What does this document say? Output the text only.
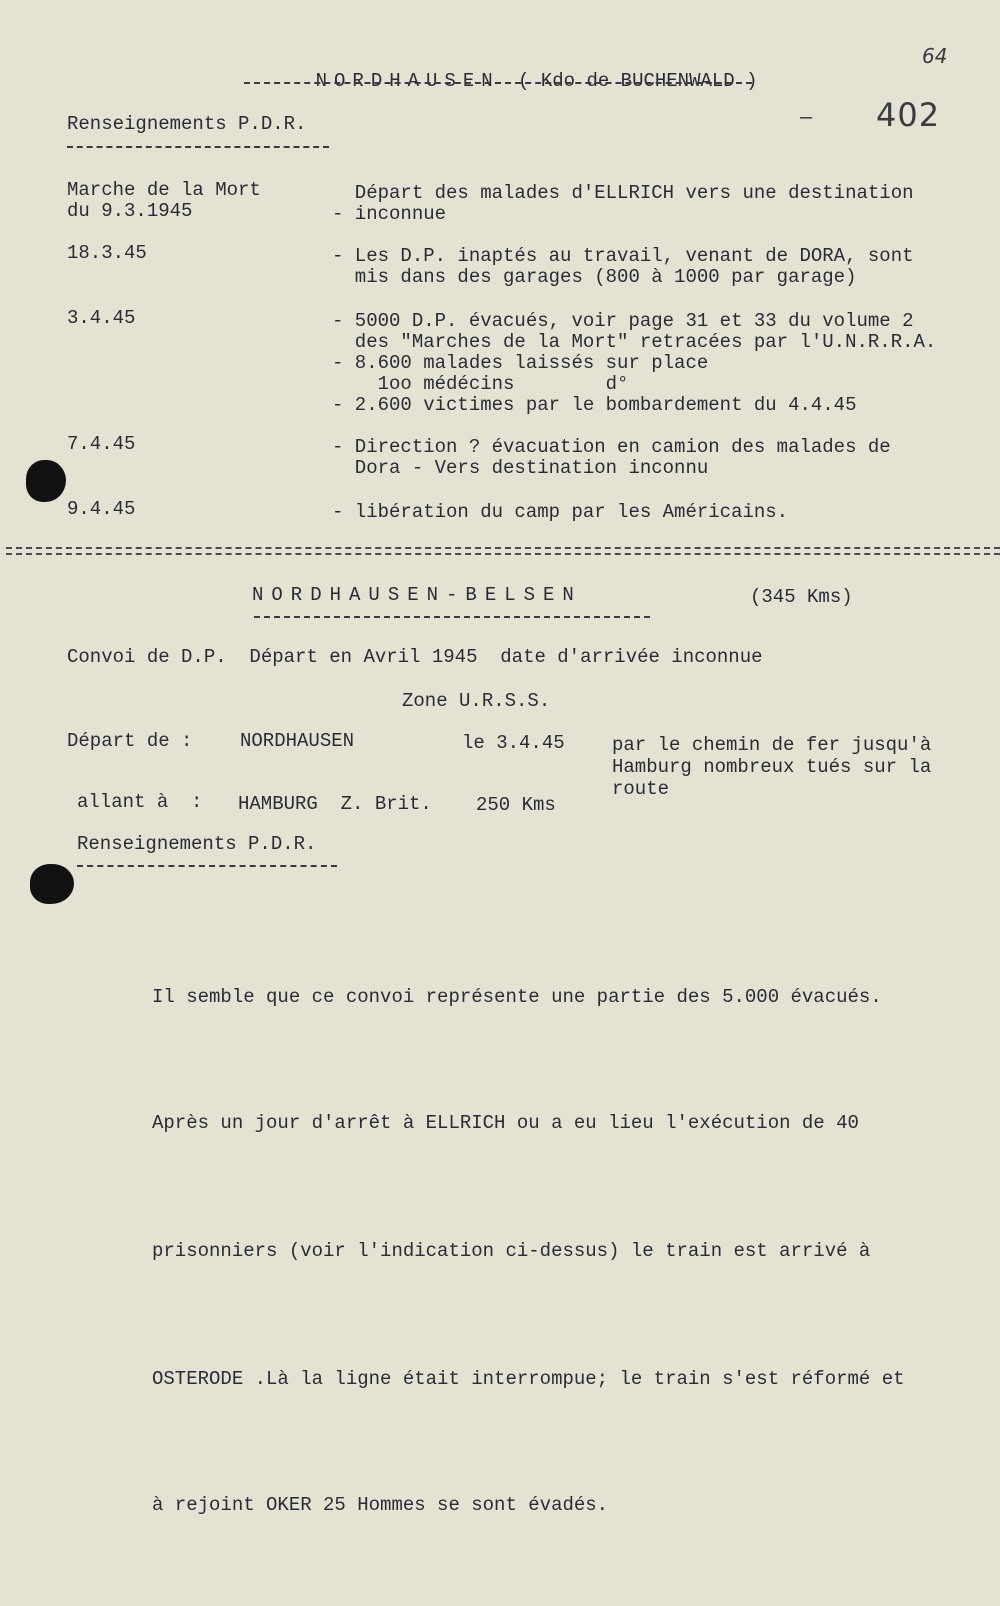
NORDHAUSEN ( Kdo de BUCHENWALD )

64
— 402
Renseignements P.D.R.
Marche de la Mort
du 9.3.1945
Départ des malades d'ELLRICH vers une destination
- inconnue
18.3.45	- Les D.P. inaptés au travail, venant de DORA, sont
mis dans des garages (800 à 1000 par garage)
3.4.45	- 5000 D.P. évacués, voir page 31 et 33 du volume 2
des "Marches de la Mort" retracées par l'U.N.R.R.A.
- 8.600 malades laissés sur place
1oo médécins        d°
- 2.600 victimes par le bombardement du 4.4.45
7.4.45	- Direction ? évacuation en camion des malades de
Dora - Vers destination inconnu
9.4.45	- libération du camp par les Américains.
NORDHAUSEN-BELSEN	(345 Kms)
Convoi de D.P.  Départ en Avril 1945  date d'arrivée inconnue
Zone U.R.S.S.
Départ de :	NORDHAUSEN	le 3.4.45 par le chemin de fer jusqu'à
Hamburg nombreux tués sur la
route
allant à  : HAMBURG  Z. Brit. 250 Kms
Renseignements P.D.R.

Il semble que ce convoi représente une partie des 5.000 évacués.

Après un jour d'arrêt à ELLRICH ou a eu lieu l'exécution de 40

prisonniers (voir l'indication ci-dessus) le train est arrivé à

OSTERODE .Là la ligne était interrompue; le train s'est réformé et

à rejoint OKER 25 Hommes se sont évadés.
